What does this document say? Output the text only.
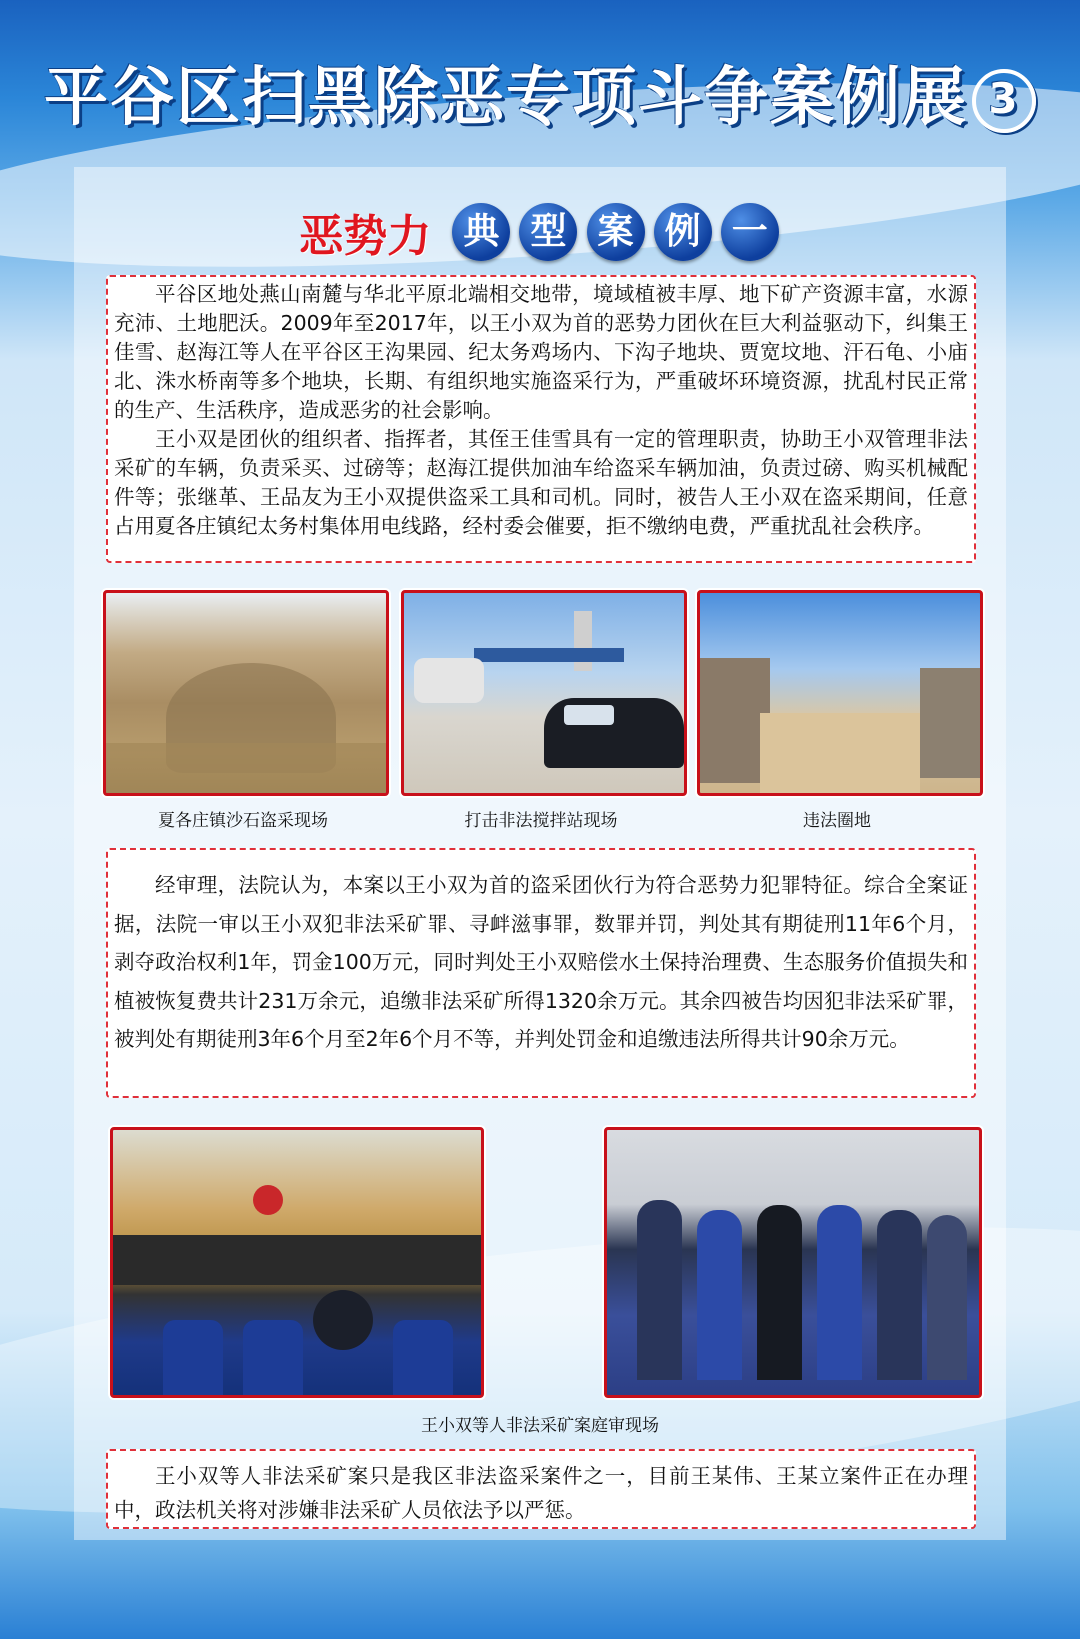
平谷区扫黑除恶专项斗争案例展 3
恶势力 典 型 案 例 一

平谷区地处燕山南麓与华北平原北端相交地带，境域植被丰厚、地下矿产资源丰富，水源充沛、土地肥沃。2009年至2017年，以王小双为首的恶势力团伙在巨大利益驱动下，纠集王佳雪、赵海江等人在平谷区王沟果园、纪太务鸡场内、下沟子地块、贾宽坟地、汗石龟、小庙北、洙水桥南等多个地块，长期、有组织地实施盗采行为，严重破坏环境资源，扰乱村民正常的生产、生活秩序，造成恶劣的社会影响。

王小双是团伙的组织者、指挥者，其侄王佳雪具有一定的管理职责，协助王小双管理非法采矿的车辆，负责采买、过磅等；赵海江提供加油车给盗采车辆加油，负责过磅、购买机械配件等；张继革、王品友为王小双提供盗采工具和司机。同时，被告人王小双在盗采期间，任意占用夏各庄镇纪太务村集体用电线路，经村委会催要，拒不缴纳电费，严重扰乱社会秩序。

夏各庄镇沙石盗采现场	打击非法搅拌站现场	违法圈地

经审理，法院认为，本案以王小双为首的盗采团伙行为符合恶势力犯罪特征。综合全案证据，法院一审以王小双犯非法采矿罪、寻衅滋事罪，数罪并罚，判处其有期徒刑11年6个月，剥夺政治权利1年，罚金100万元，同时判处王小双赔偿水土保持治理费、生态服务价值损失和植被恢复费共计231万余元，追缴非法采矿所得1320余万元。其余四被告均因犯非法采矿罪，被判处有期徒刑3年6个月至2年6个月不等，并判处罚金和追缴违法所得共计90余万元。

王小双等人非法采矿案庭审现场

王小双等人非法采矿案只是我区非法盗采案件之一，目前王某伟、王某立案件正在办理中，政法机关将对涉嫌非法采矿人员依法予以严惩。
